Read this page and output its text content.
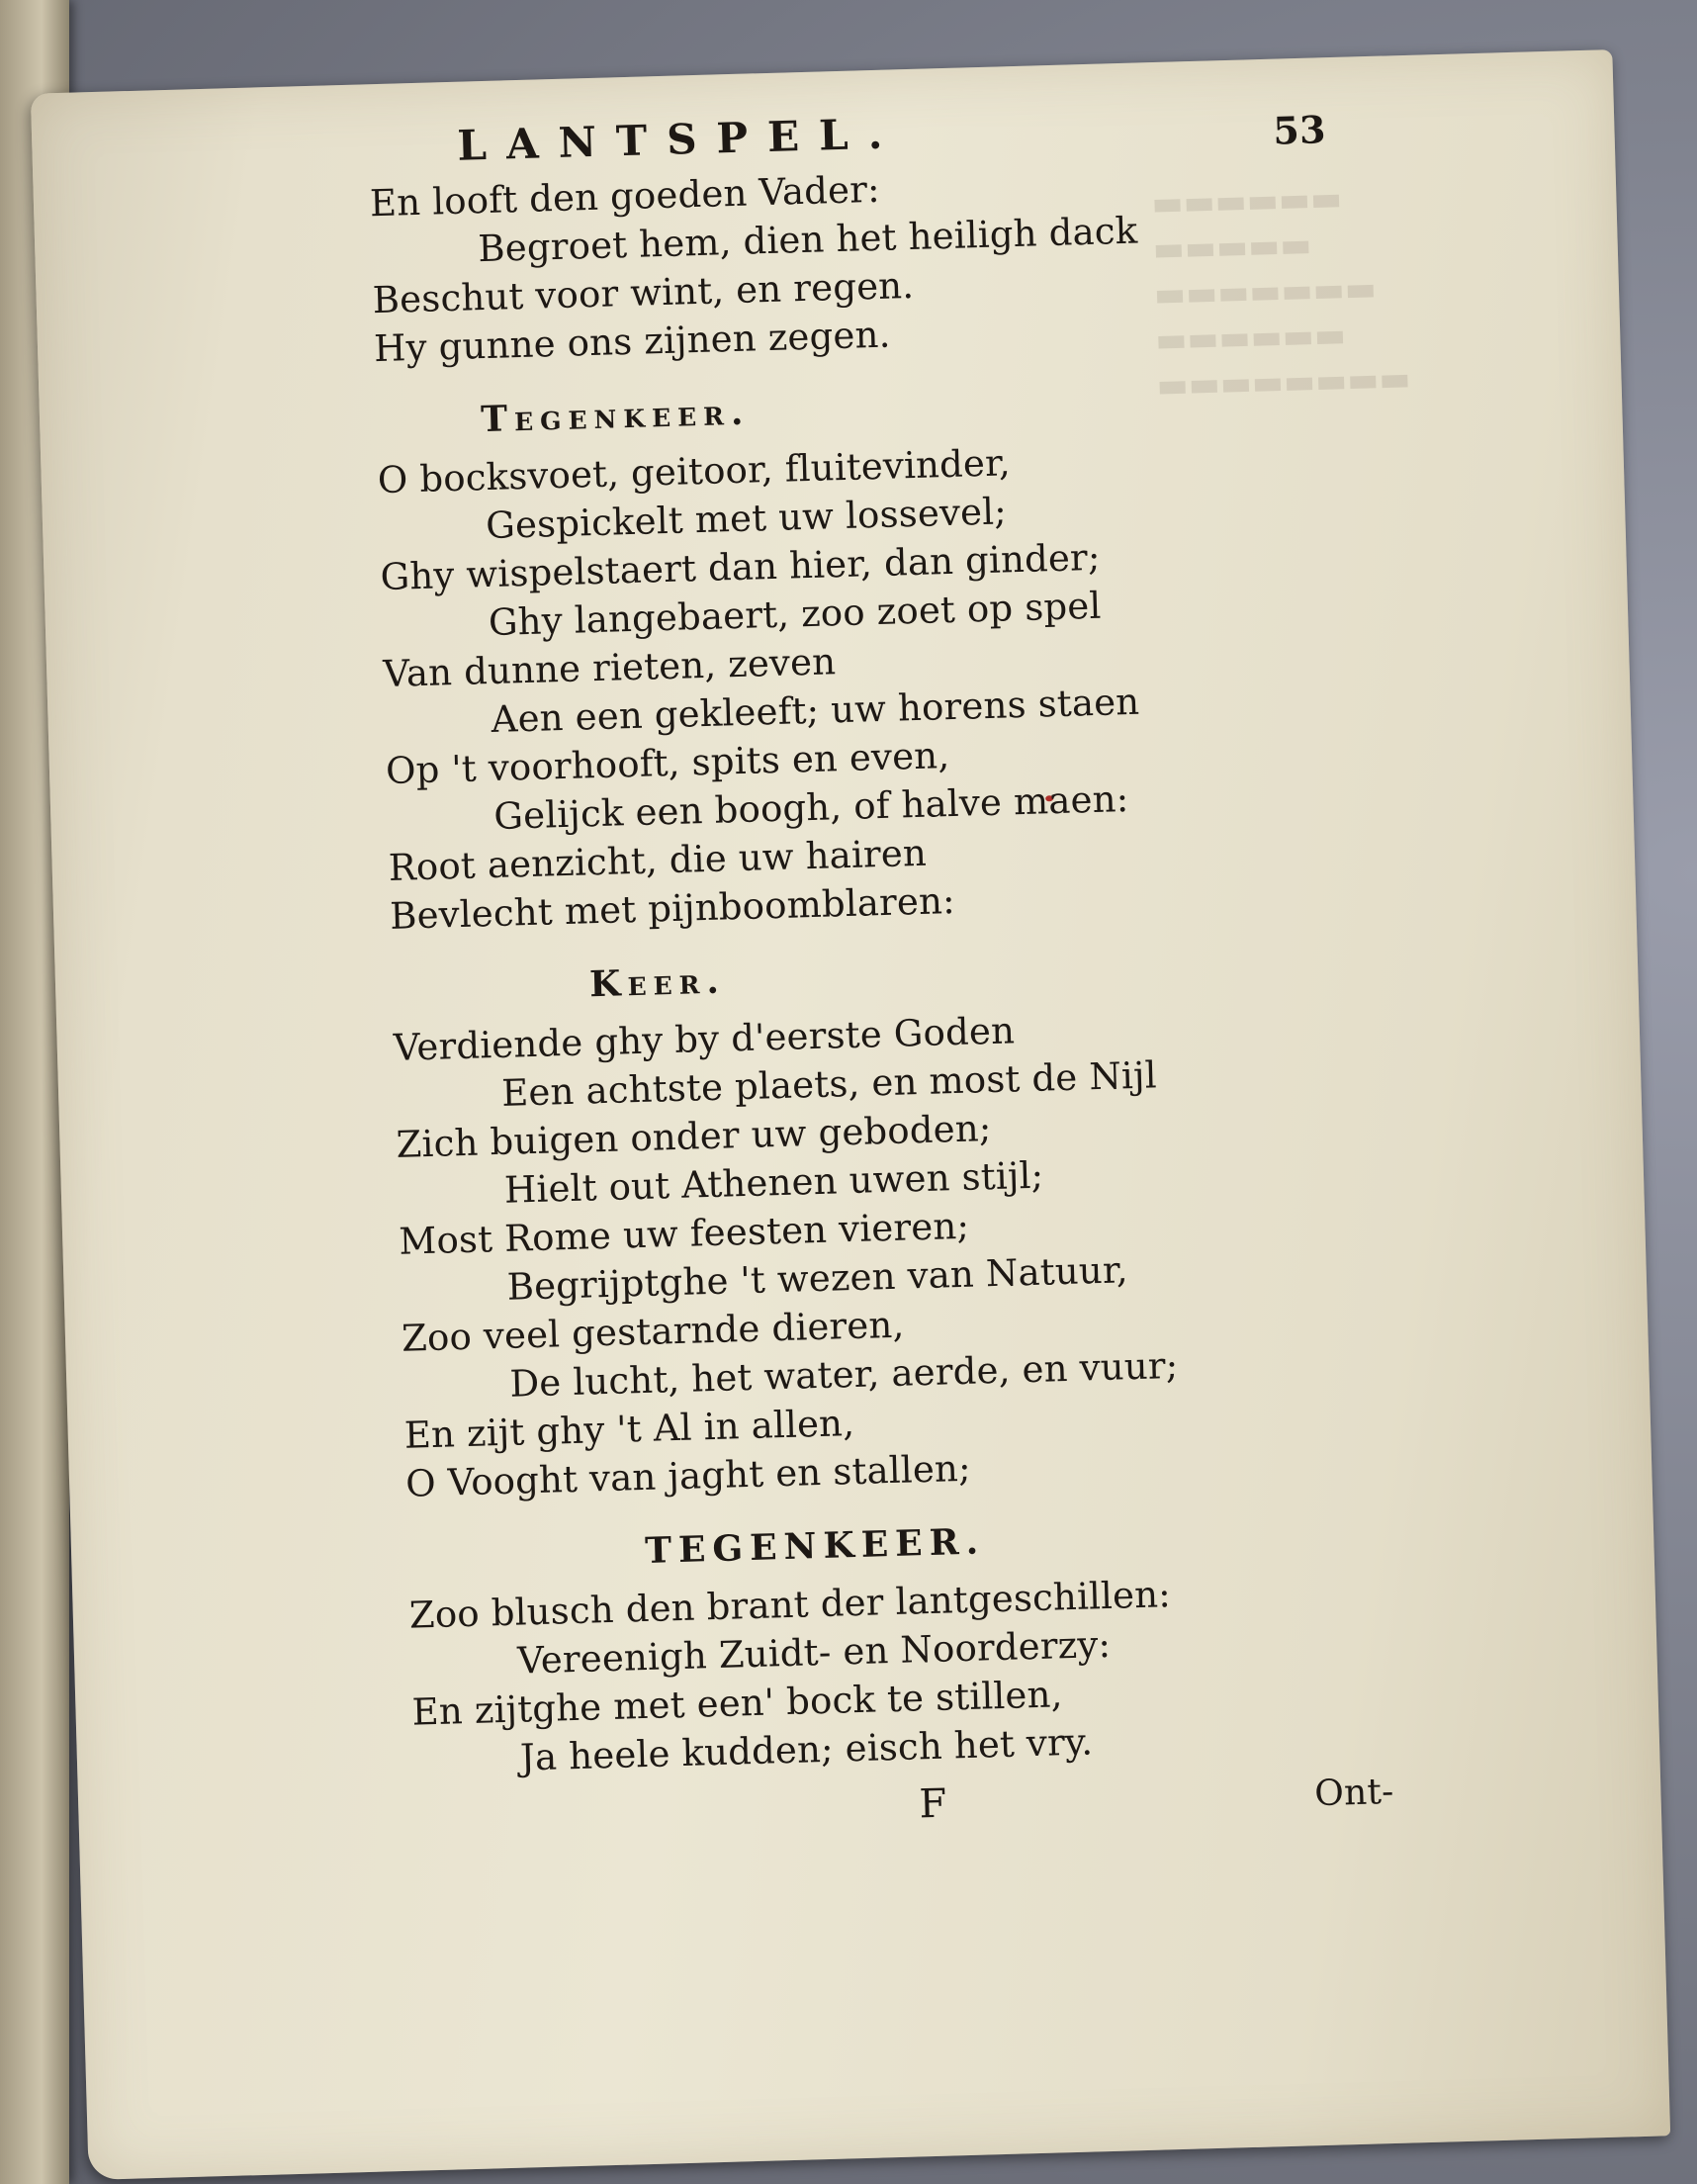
▬▬▬▬▬▬
▬▬▬▬▬
▬▬▬▬▬▬▬
▬▬▬▬▬▬
▬▬▬▬▬▬▬▬
LANTSPEL.	53
En looft den goeden Vader:
Begroet hem, dien het heiligh dack
Beschut voor wint, en regen.
Hy gunne ons zijnen zegen.
Tegenkeer.
O bocksvoet, geitoor, fluitevinder,
Gespickelt met uw lossevel;
Ghy wispelstaert dan hier, dan ginder;
Ghy langebaert, zoo zoet op spel
Van dunne rieten, zeven
Aen een gekleeft; uw horens staen
Op 't voorhooft, spits en even,
Gelijck een boogh, of halve maen:
Root aenzicht, die uw hairen
Bevlecht met pijnboomblaren:
Keer.
Verdiende ghy by d'eerste Goden
Een achtste plaets, en most de Nijl
Zich buigen onder uw geboden;
Hielt out Athenen uwen stijl;
Most Rome uw feesten vieren;
Begrijptghe 't wezen van Natuur,
Zoo veel gestarnde dieren,
De lucht, het water, aerde, en vuur;
En zijt ghy 't Al in allen,
O Vooght van jaght en stallen;
TEGENKEER.
Zoo blusch den brant der lantgeschillen:
Vereenigh Zuidt- en Noorderzy:
En zijtghe met een' bock te stillen,
Ja heele kudden; eisch het vry.
F	Ont-
